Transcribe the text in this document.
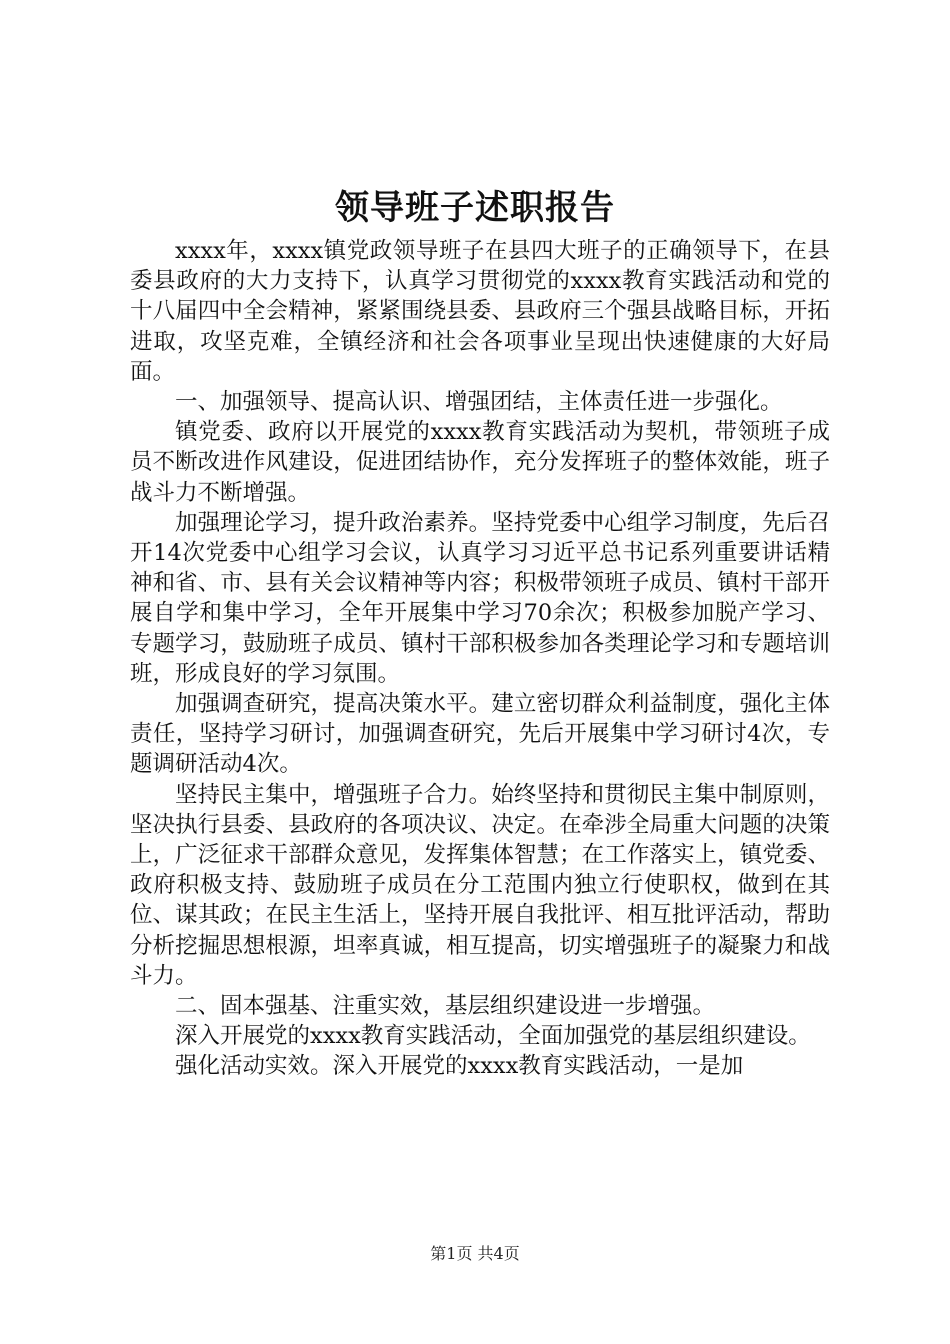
领导班子述职报告

xxxx年，xxxx镇党政领导班子在县四大班子的正确领导下，在县委县政府的大力支持下，认真学习贯彻党的xxxx教育实践活动和党的十八届四中全会精神，紧紧围绕县委、县政府三个强县战略目标，开拓进取，攻坚克难，全镇经济和社会各项事业呈现出快速健康的大好局面。

一、加强领导、提高认识、增强团结，主体责任进一步强化。

镇党委、政府以开展党的xxxx教育实践活动为契机，带领班子成员不断改进作风建设，促进团结协作，充分发挥班子的整体效能，班子战斗力不断增强。

加强理论学习，提升政治素养。坚持党委中心组学习制度，先后召开14次党委中心组学习会议，认真学习习近平总书记系列重要讲话精神和省、市、县有关会议精神等内容；积极带领班子成员、镇村干部开展自学和集中学习，全年开展集中学习70余次；积极参加脱产学习、专题学习，鼓励班子成员、镇村干部积极参加各类理论学习和专题培训班，形成良好的学习氛围。

加强调查研究，提高决策水平。建立密切群众利益制度，强化主体责任，坚持学习研讨，加强调查研究，先后开展集中学习研讨4次，专题调研活动4次。

坚持民主集中，增强班子合力。始终坚持和贯彻民主集中制原则，坚决执行县委、县政府的各项决议、决定。在牵涉全局重大问题的决策上，广泛征求干部群众意见，发挥集体智慧；在工作落实上，镇党委、政府积极支持、鼓励班子成员在分工范围内独立行使职权，做到在其位、谋其政；在民主生活上，坚持开展自我批评、相互批评活动，帮助分析挖掘思想根源，坦率真诚，相互提高，切实增强班子的凝聚力和战斗力。

二、固本强基、注重实效，基层组织建设进一步增强。

深入开展党的xxxx教育实践活动，全面加强党的基层组织建设。

强化活动实效。深入开展党的xxxx教育实践活动，一是加

第1页 共4页
